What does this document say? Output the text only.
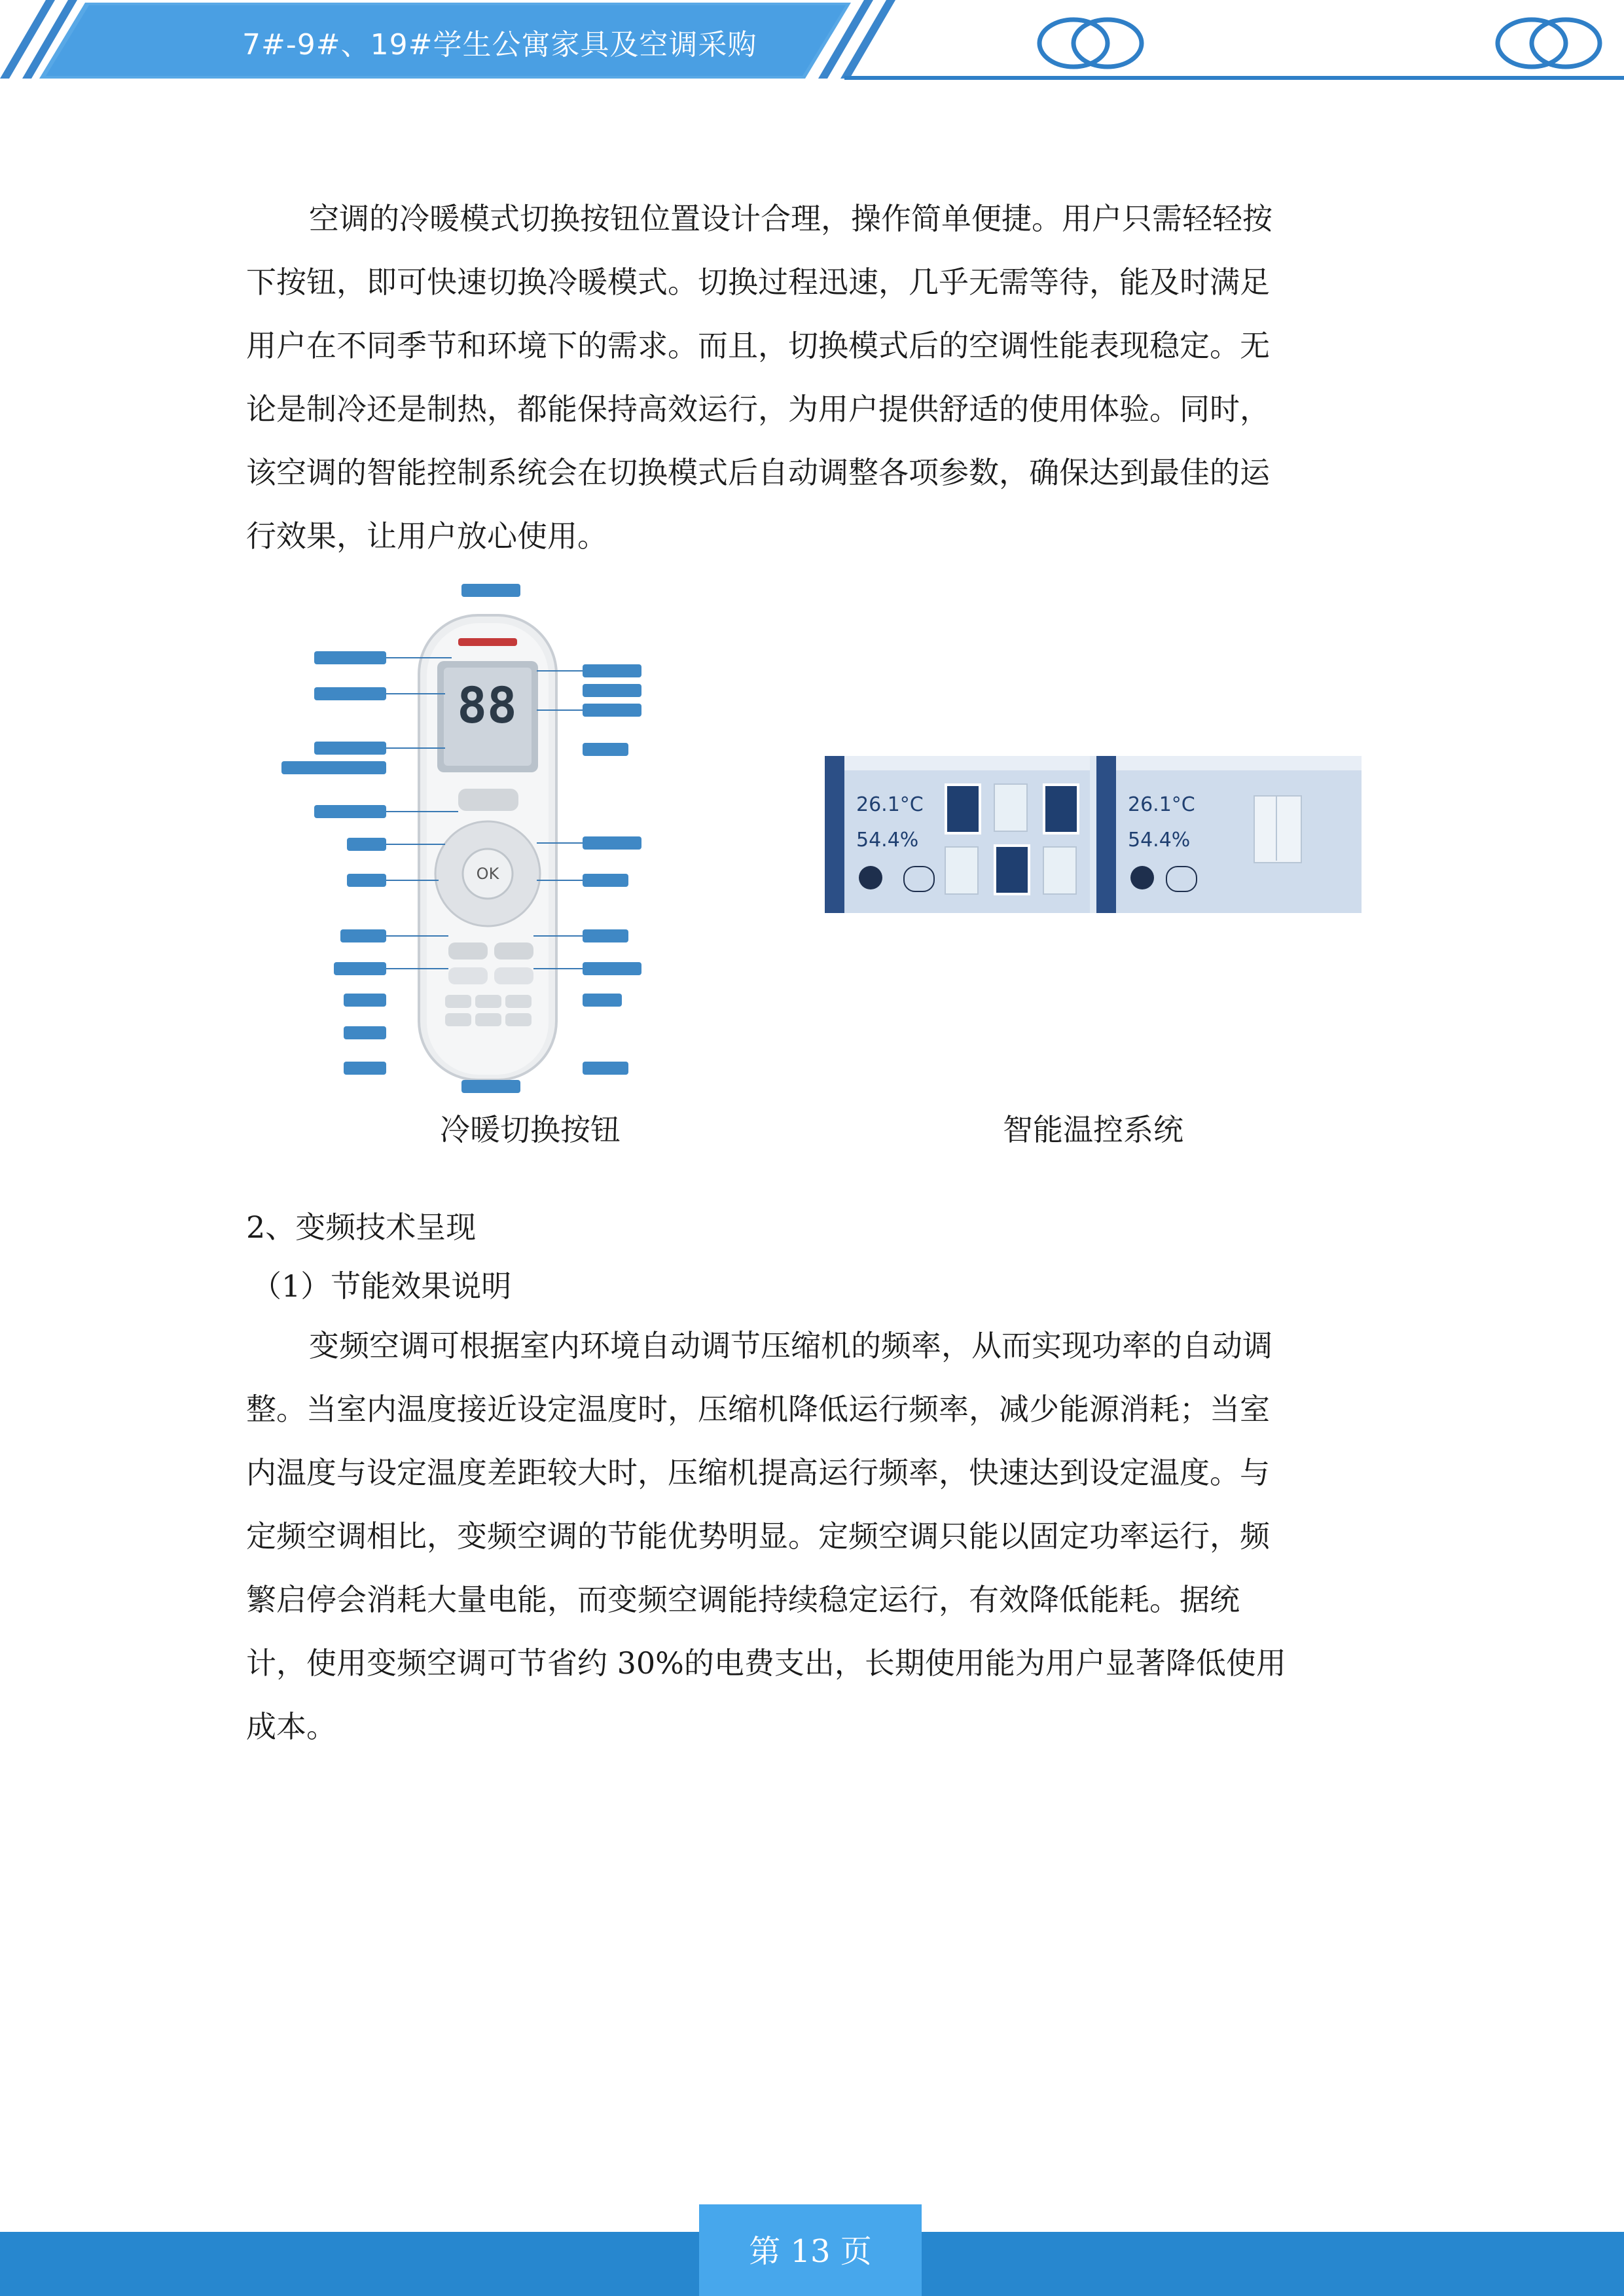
7#-9#、19#学生公寓家具及空调采购

空调的冷暖模式切换按钮位置设计合理，操作简单便捷。用户只需轻轻按
下按钮，即可快速切换冷暖模式。切换过程迅速，几乎无需等待，能及时满足
用户在不同季节和环境下的需求。而且，切换模式后的空调性能表现稳定。无
论是制冷还是制热，都能保持高效运行，为用户提供舒适的使用体验。同时，
该空调的智能控制系统会在切换模式后自动调整各项参数，确保达到最佳的运
行效果，让用户放心使用。

88
OK
冷暖切换按钮
26.1°C
54.4%
26.1°C
54.4%
智能温控系统

2、变频技术呈现

（1）节能效果说明

变频空调可根据室内环境自动调节压缩机的频率，从而实现功率的自动调
整。当室内温度接近设定温度时，压缩机降低运行频率，减少能源消耗；当室
内温度与设定温度差距较大时，压缩机提高运行频率，快速达到设定温度。与
定频空调相比，变频空调的节能优势明显。定频空调只能以固定功率运行，频
繁启停会消耗大量电能，而变频空调能持续稳定运行，有效降低能耗。据统
计，使用变频空调可节省约 30%的电费支出，长期使用能为用户显著降低使用
成本。

第 13 页
